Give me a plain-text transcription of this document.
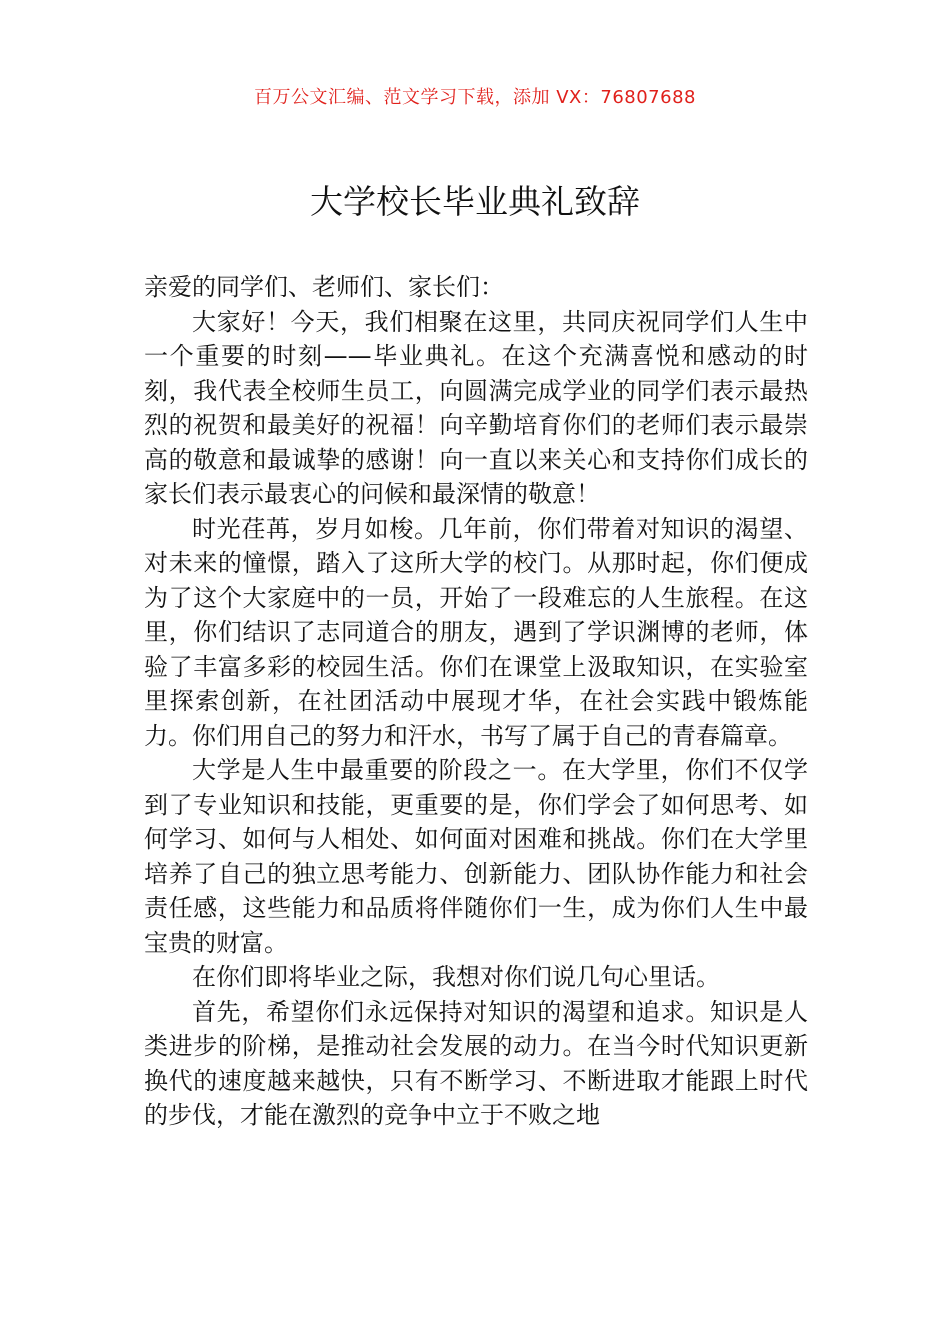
百万公文汇编、范文学习下载，添加 VX：76807688
大学校长毕业典礼致辞

亲爱的同学们、老师们、家长们：

大家好！今天，我们相聚在这里，共同庆祝同学们人生中一个重要的时刻——毕业典礼。在这个充满喜悦和感动的时刻，我代表全校师生员工，向圆满完成学业的同学们表示最热烈的祝贺和最美好的祝福！向辛勤培育你们的老师们表示最崇高的敬意和最诚挚的感谢！向一直以来关心和支持你们成长的家长们表示最衷心的问候和最深情的敬意！

时光荏苒，岁月如梭。几年前，你们带着对知识的渴望、对未来的憧憬，踏入了这所大学的校门。从那时起，你们便成为了这个大家庭中的一员，开始了一段难忘的人生旅程。在这里，你们结识了志同道合的朋友，遇到了学识渊博的老师，体验了丰富多彩的校园生活。你们在课堂上汲取知识，在实验室里探索创新，在社团活动中展现才华，在社会实践中锻炼能力。你们用自己的努力和汗水，书写了属于自己的青春篇章。

大学是人生中最重要的阶段之一。在大学里，你们不仅学到了专业知识和技能，更重要的是，你们学会了如何思考、如何学习、如何与人相处、如何面对困难和挑战。你们在大学里培养了自己的独立思考能力、创新能力、团队协作能力和社会责任感，这些能力和品质将伴随你们一生，成为你们人生中最宝贵的财富。

在你们即将毕业之际，我想对你们说几句心里话。

首先，希望你们永远保持对知识的渴望和追求。知识是人类进步的阶梯，是推动社会发展的动力。在当今时代知识更新换代的速度越来越快，只有不断学习、不断进取才能跟上时代的步伐，才能在激烈的竞争中立于不败之地
